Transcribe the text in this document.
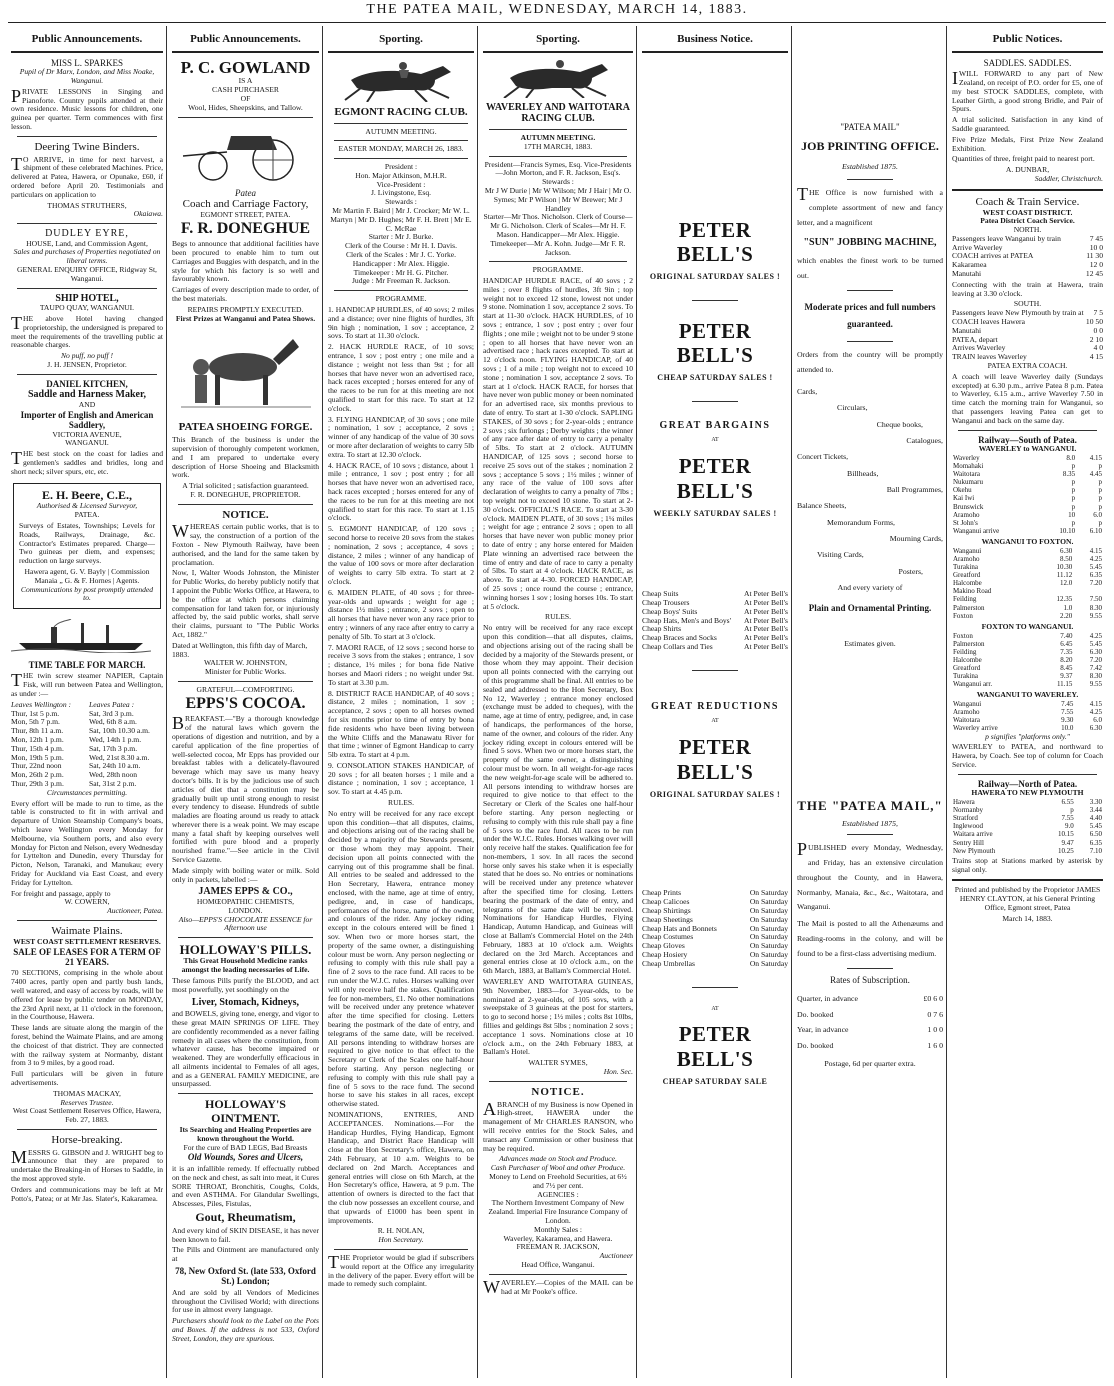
THE PATEA MAIL, WEDNESDAY, MARCH 14, 1883.
Public Announcements.
MISS L. SPARKES
Pupil of Dr Marx, London, and Miss Noake, Wanganui.

PRIVATE LESSONS in Singing and Pianoforte. Country pupils attended at their own residence. Music lessons for children, one guinea per quarter. Term commences with first lesson.

Deering Twine Binders.

TO ARRIVE, in time for next harvest, a shipment of these celebrated Machines. Price, delivered at Patea, Hawera, or Opunake, £60, if ordered before April 20. Testimonials and particulars on application to

THOMAS STRUTHERS,
Okaiawa.
DUDLEY EYRE,
HOUSE, Land, and Commission Agent,
Sales and purchases of Properties negotiated on liberal terms.
GENERAL ENQUIRY OFFICE, Ridgway St, Wanganui.
SHIP HOTEL,
TAUPO QUAY, WANGANUI.

THE above Hotel having changed proprietorship, the undersigned is prepared to meet the requirements of the travelling public at reasonable charges.

No puff, no puff !
J. H. JENSEN, Proprietor.
DANIEL KITCHEN,
Saddle and Harness Maker,
AND
Importer of English and American Saddlery,
VICTORIA AVENUE,
WANGANUI.

THE best stock on the coast for ladies and gentlemen's saddles and bridles, long and short neck; silver spurs, etc, etc.

E. H. Beere, C.E.,
Authorised & Licensed Surveyor,
PATEA.

Surveys of Estates, Townships; Levels for Roads, Railways, Drainage, &c. Contractor's Estimates prepared. Charge—Two guineas per diem, and expenses; reduction on large surveys.

Hawera agent, G. V. Bayly | Commission Manaia „ G. & F. Hornes | Agents.
Communications by post promptly attended to.
TIME TABLE FOR MARCH.

THE twin screw steamer NAPIER, Captain Fisk, will run between Patea and Wellington, as under :—

Leaves Wellington :
Thur, 1st 5 p.m.
Mon, 5th 7 p.m.
Thur, 8th 11 a.m.
Mon, 12th 1 p.m.
Thur, 15th 4 p.m.
Mon, 19th 5 p.m.
Thur, 22nd noon
Mon, 26th 2 p.m.
Thur, 29th 3 p.m.
Leaves Patea :
Sat, 3rd 3 p.m.
Wed, 6th 8 a.m.
Sat, 10th 10.30 a.m.
Wed, 14th 1 p.m.
Sat, 17th 3 p.m.
Wed, 21st 8.30 a.m.
Sat, 24th 10 a.m.
Wed, 28th noon
Sat, 31st 2 p.m.
Circumstances permitting.

Every effort will be made to run to time, as the table is constructed to fit in with arrival and departure of Union Steamship Company's boats, which leave Wellington every Monday for Melbourne, via Southern ports, and also every Monday for Picton and Nelson, every Wednesday for Lyttelton and Dunedin, every Thursday for Picton, Nelson, Taranaki, and Manukau; every Friday for Auckland via East Coast, and every Friday for Lyttelton.

For freight and passage, apply to
W. COWERN,
Auctioneer, Patea.
Waimate Plains.
WEST COAST SETTLEMENT RESERVES.
SALE OF LEASES FOR A TERM OF 21 YEARS.

70 SECTIONS, comprising in the whole about 7400 acres, partly open and partly bush lands, well watered, and easy of access by roads, will be offered for lease by public tender on MONDAY, the 23rd April next, at 11 o'clock in the forenoon, in the Courthouse, Hawera.

These lands are situate along the margin of the forest, behind the Waimate Plains, and are among the choicest of that district. They are connected with the railway system at Normanby, distant from 3 to 9 miles, by a good road.

Full particulars will be given in future advertisements.

THOMAS MACKAY,
Reserves Trustee.
West Coast Settlement Reserves Office, Hawera, Feb. 27, 1883.
Horse-breaking.

MESSRS G. GIBSON and J. WRIGHT beg to announce that they are prepared to undertake the Breaking-in of Horses to Saddle, in the most approved style.

Orders and communications may be left at Mr Potto's, Patea; or at Mr Jas. Slater's, Kakaramea.

Public Announcements.
P. C. GOWLAND
IS A
CASH PURCHASER
OF
Wool, Hides, Sheepskins, and Tallow.
Patea
Coach and Carriage Factory,
EGMONT STREET, PATEA.
F. R. DONEGHUE

Begs to announce that additional facilities have been procured to enable him to turn out Carriages and Buggies with despatch, and in the style for which his factory is so well and favourably known.

Carriages of every description made to order, of the best materials.

REPAIRS PROMPTLY EXECUTED.
First Prizes at Wanganui and Patea Shows.
PATEA SHOEING FORGE.

This Branch of the business is under the supervision of thoroughly competent workmen, and I am prepared to undertake every description of Horse Shoeing and Blacksmith work.

A Trial solicited ; satisfaction guaranteed.
F. R. DONEGHUE, PROPRIETOR.
NOTICE.

WHEREAS certain public works, that is to say, the construction of a portion of the Foxton - New Plymouth Railway, have been authorised, and the land for the same taken by proclamation.

Now, I, Walter Woods Johnston, the Minister for Public Works, do hereby publicly notify that I appoint the Public Works Office, at Hawera, to be the office at which persons claiming compensation for land taken for, or injuriously affected by, the said public works, shall serve their claims, pursuant to "The Public Works Act, 1882."

Dated at Wellington, this fifth day of March, 1883.
WALTER W. JOHNSTON,
Minister for Public Works.
GRATEFUL—COMFORTING.
EPPS'S COCOA.

BREAKFAST.—"By a thorough knowledge of the natural laws which govern the operations of digestion and nutrition, and by a careful application of the fine properties of well-selected cocoa, Mr Epps has provided our breakfast tables with a delicately-flavoured beverage which may save us many heavy doctor's bills. It is by the judicious use of such articles of diet that a constitution may be gradually built up until strong enough to resist every tendency to disease. Hundreds of subtle maladies are floating around us ready to attack wherever there is a weak point. We may escape many a fatal shaft by keeping ourselves well fortified with pure blood and a properly nourished frame."—See article in the Civil Service Gazette.

Made simply with boiling water or milk. Sold only in packets, labelled :—

JAMES EPPS & CO.,
HOMŒOPATHIC CHEMISTS,
LONDON.
Also—EPPS'S CHOCOLATE ESSENCE for Afternoon use
HOLLOWAY'S PILLS.
This Great Household Medicine ranks amongst the leading necessaries of Life.

These famous Pills purify the BLOOD, and act most powerfully, yet soothingly on the

Liver, Stomach, Kidneys,

and BOWELS, giving tone, energy, and vigor to these great MAIN SPRINGS OF LIFE. They are confidently recommended as a never failing remedy in all cases where the constitution, from whatever cause, has become impaired or weakened. They are wonderfully efficacious in all ailments incidental to Females of all ages, and as a GENERAL FAMILY MEDICINE, are unsurpassed.

HOLLOWAY'S OINTMENT.
Its Searching and Healing Properties are known throughout the World.
For the cure of BAD LEGS, Bad Breasts
Old Wounds, Sores and Ulcers,

it is an infallible remedy. If effectually rubbed on the neck and chest, as salt into meat, it Cures SORE THROAT, Bronchitis, Coughs, Colds, and even ASTHMA. For Glandular Swellings, Abscesses, Piles, Fistulas,

Gout, Rheumatism,

And every kind of SKIN DISEASE, it has never been known to fail.

The Pills and Ointment are manufactured only at

78, New Oxford St. (late 533, Oxford St.) London;

And are sold by all Vendors of Medicines throughout the Civilised World; with directions for use in almost every language.

Purchasers should look to the Label on the Pots and Boxes. If the address is not 533, Oxford Street, London, they are spurious.

Sporting.
EGMONT RACING CLUB.
AUTUMN MEETING.
EASTER MONDAY, MARCH 26, 1883.
President :
Hon. Major Atkinson, M.H.R.
Vice-President :
J. Livingstone, Esq.
Stewards :
Mr Martin F. Baird | Mr J. Crocker; Mr W. L. Martyn | Mr D. Hughes; Mr F. H. Brett | Mr E. C. McRae
Starter : Mr J. Burke.
Clerk of the Course : Mr H. I. Davis.
Clerk of the Scales : Mr J. C. Yorke.
Handicapper : Mr Alex. Higgie.
Timekeeper : Mr H. G. Pitcher.
Judge : Mr Freeman R. Jackson.
PROGRAMME.

1. HANDICAP HURDLES, of 40 sovs; 2 miles and a distance; over nine flights of hurdles, 3ft 9in high ; nomination, 1 sov ; acceptance, 2 sovs. To start at 11.30 o'clock.

2. HACK HURDLE RACE, of 10 sovs; entrance, 1 sov ; post entry ; one mile and a distance ; weight not less than 9st ; for all horses that have never won an advertised race, hack races excepted ; horses entered for any of the races to be run for at this meeting are not qualified to start for this race. To start at 12 o'clock.

3. FLYING HANDICAP, of 30 sovs ; one mile ; nomination, 1 sov ; acceptance, 2 sovs ; winner of any handicap of the value of 30 sovs or more after declaration of weights to carry 5lb extra. To start at 12.30 o'clock.

4. HACK RACE, of 10 sovs ; distance, about 1 mile ; entrance, 1 sov ; post entry ; for all horses that have never won an advertised race, hack races excepted ; horses entered for any of the races to be run for at this meeting are not qualified to start for this race. To start at 1.15 o'clock.

5. EGMONT HANDICAP, of 120 sovs ; second horse to receive 20 sovs from the stakes ; nomination, 2 sovs ; acceptance, 4 sovs ; distance, 2 miles ; winner of any handicap of the value of 100 sovs or more after declaration of weights to carry 5lb extra. To start at 2 o'clock.

6. MAIDEN PLATE, of 40 sovs ; for three-year-olds and upwards ; weight for age ; distance 1½ miles ; entrance, 2 sovs ; open to all horses that have never won any race prior to entry ; winners of any race after entry to carry a penalty of 5lb. To start at 3 o'clock.

7. MAORI RACE, of 12 sovs ; second horse to receive 3 sovs from the stakes ; entrance, 1 sov ; distance, 1½ miles ; for bona fide Native horses and Maori riders ; no weight under 9st. To start at 3.30 p.m.

8. DISTRICT RACE HANDICAP, of 40 sovs ; distance, 2 miles ; nomination, 1 sov ; acceptance, 2 sovs ; open to all horses owned for six months prior to time of entry by bona fide residents who have been living between the White Cliffs and the Manawatu River for that time ; winner of Egmont Handicap to carry 5lb extra. To start at 4 p.m.

9. CONSOLATION STAKES HANDICAP, of 20 sovs ; for all beaten horses ; 1 mile and a distance ; nomination, 1 sov ; acceptance, 1 sov. To start at 4.45 p.m.

RULES.

No entry will be received for any race except upon this condition—that all disputes, claims, and objections arising out of the racing shall be decided by a majority of the Stewards present, or those whom they may appoint. Their decision upon all points connected with the carrying out of this programme shall be final. All entries to be sealed and addressed to the Hon Secretary, Hawera, entrance money enclosed, with the name, age at time of entry, pedigree, and, in case of handicaps, performances of the horse, name of the owner, and colours of the rider. Any jockey riding except in the colours entered will be fined 1 sov. When two or more horses start, the property of the same owner, a distinguishing colour must be worn. Any person neglecting or refusing to comply with this rule shall pay a fine of 2 sovs to the race fund. All races to be run under the W.J.C. rules. Horses walking over will only receive half the stakes. Qualification fee for non-members, £1. No other nominations will be received under any pretence whatever after the time specified for closing. Letters bearing the postmark of the date of entry, and telegrams of the same date, will be received. All persons intending to withdraw horses are required to give notice to that effect to the Secretary or Clerk of the Scales one half-hour before starting. Any person neglecting or refusing to comply with this rule shall pay a fine of 5 sovs to the race fund. The second horse to save his stakes in all races, except otherwise stated.

NOMINATIONS, ENTRIES, AND ACCEPTANCES. Nominations.—For the Handicap Hurdles, Flying Handicap, Egmont Handicap, and District Race Handicap will close at the Hon Secretary's office, Hawera, on 24th February, at 10 a.m. Weights to be declared on 2nd March. Acceptances and general entries will close on 6th March, at the Hon Secretary's office, Hawera, at 9 p.m. The attention of owners is directed to the fact that the club now possesses an excellent course, and that upwards of £1000 has been spent in improvements.

R. H. NOLAN,
Hon Secretary.

THE Proprietor would be glad if subscribers would report at the Office any irregularity in the delivery of the paper. Every effort will be made to remedy such complaint.

Sporting.
WAVERLEY AND WAITOTARA RACING CLUB.
AUTUMN MEETING.
17TH MARCH, 1883.
President—Francis Symes, Esq. Vice-Presidents—John Morton, and F. R. Jackson, Esq's.
Stewards :
Mr J W Durie | Mr W Wilson; Mr J Hair | Mr O. Symes; Mr P Wilson | Mr W Brewer; Mr J Handley
Starter—Mr Thos. Nicholson. Clerk of Course—Mr G. Nicholson. Clerk of Scales—Mr H. F. Mason. Handicapper—Mr Alex. Higgie. Timekeeper—Mr A. Kohn. Judge—Mr F. R. Jackson.
PROGRAMME.

HANDICAP HURDLE RACE, of 40 sovs ; 2 miles ; over 8 flights of hurdles, 3ft 9in ; top weight not to exceed 12 stone, lowest not under 9 stone. Nomination 1 sov, acceptance 2 sovs. To start at 11-30 o'clock. HACK HURDLES, of 10 sovs ; entrance, 1 sov ; post entry ; over four flights ; one mile ; weight not to be under 9 stone ; open to all horses that have never won an advertised race ; hack races excepted. To start at 12 o'clock noon. FLYING HANDICAP, of 40 sovs ; 1 of a mile ; top weight not to exceed 10 stone ; nomination 1 sov, acceptance 2 sovs. To start at 1 o'clock. HACK RACE, for horses that have never won public money or been nominated for an advertised race, six months previous to date of entry. To start at 1-30 o'clock. SAPLING STAKES, of 30 sovs ; for 2-year-olds ; entrance 2 sovs ; six furlongs ; Derby weights ; the winner of any race after date of entry to carry a penalty of 5lbs. To start at 2 o'clock. AUTUMN HANDICAP, of 125 sovs ; second horse to receive 25 sovs out of the stakes ; nomination 2 sovs ; acceptance 5 sovs ; 1½ miles ; winner of any race of the value of 100 sovs after declaration of weights to carry a penalty of 7lbs ; top weight not to exceed 10 stone. To start at 2-30 o'clock. OFFICIAL'S RACE. To start at 3-30 o'clock. MAIDEN PLATE, of 30 sovs ; 1¼ miles ; weight for age ; entrance 2 sovs ; open to all horses that have never won public money prior to date of entry ; any horse entered for Maiden Plate winning an advertised race between the time of entry and date of race to carry a penalty of 5lbs. To start at 4 o'clock. HACK RACE, as above. To start at 4-30. FORCED HANDICAP, of 25 sovs ; once round the course ; entrance, winning horses 1 sov ; losing horses 10s. To start at 5 o'clock.

RULES.

No entry will be received for any race except upon this condition—that all disputes, claims, and objections arising out of the racing shall be decided by a majority of the Stewards present, or those whom they may appoint. Their decision upon all points connected with the carrying out of this programme shall be final. All entries to be sealed and addressed to the Hon Secretary, Box No 12, Waverley ; entrance money enclosed (exchange must be added to cheques), with the name, age at time of entry, pedigree, and, in case of handicaps, the performances of the horse, name of the owner, and colours of the rider. Any jockey riding except in colours entered will be fined 5 sovs. When two or more horses start, the property of the same owner, a distinguishing colour must be worn. In all weight-for-age races the new weight-for-age scale will be adhered to. All persons intending to withdraw horses are required to give notice to that effect to the Secretary or Clerk of the Scales one half-hour before starting. Any person neglecting or refusing to comply with this rule shall pay a fine of 5 sovs to the race fund. All races to be run under the W.J.C. Rules. Horses walking over will only receive half the stakes. Qualification fee for non-members, 1 sov. In all races the second horse only saves his stake when it is especially stated that he does so. No entries or nominations will be received under any pretence whatever after the specified time for closing. Letters bearing the postmark of the date of entry, and telegrams of the same date will be received. Nominations for Handicap Hurdles, Flying Handicap, Autumn Handicap, and Guineas will close at Ballam's Commercial Hotel on the 24th February, 1883 at 10 o'clock a.m. Weights declared on the 3rd March. Acceptances and general entries close at 10 o'clock a.m., on the 6th March, 1883, at Ballam's Commercial Hotel.

WAVERLEY AND WAITOTARA GUINEAS, 9th November, 1883—for 3-year-olds, to be nominated at 2-year-olds, of 105 sovs, with a sweepstake of 3 guineas at the post for starters, to go to second horse ; 1½ miles ; colts 8st 10lbs, fillies and geldings 8st 5lbs ; nomination 2 sovs ; acceptance 1 sovs. Nominations close at 10 o'clock a.m., on the 24th February 1883, at Ballam's Hotel.

WALTER SYMES,
Hon. Sec.
NOTICE.

ABRANCH of my Business is now Opened in High-street, HAWERA under the management of Mr CHARLES RANSON, who will receive entries for the Stock Sales, and transact any Commission or other business that may be required.

Advances made on Stock and Produce.
Cash Purchaser of Wool and other Produce.
Money to Lend on Freehold Securities, at 6½ and 7½ per cent.
AGENCIES :
The Northern Investment Company of New Zealand. Imperial Fire Insurance Company of London.
Monthly Sales :
Waverley, Kakaramea, and Hawera.
FREEMAN R. JACKSON,
Auctioneer
Head Office, Wanganui.

WAVERLEY.—Copies of the MAIL can be had at Mr Pooke's office.

Business Notice.
PETER BELL'S
ORIGINAL SATURDAY SALES !
PETER BELL'S
CHEAP SATURDAY SALES !
GREAT BARGAINS
AT
PETER BELL'S
WEEKLY SATURDAY SALES !
Cheap Suits	At Peter Bell's
Cheap Trousers	At Peter Bell's
Cheap Boys' Suits	At Peter Bell's
Cheap Hats, Men's and Boys' At Peter Bell's
Cheap Shirts	At Peter Bell's
Cheap Braces and Socks	At Peter Bell's
Cheap Collars and Ties	At Peter Bell's
GREAT REDUCTIONS
AT
PETER BELL'S
ORIGINAL SATURDAY SALES !
Cheap Prints	On Saturday
Cheap Calicoes	On Saturday
Cheap Shirtings	On Saturday
Cheap Sheetings	On Saturday
Cheap Hats and Bonnets	On Saturday
Cheap Costumes	On Saturday
Cheap Gloves	On Saturday
Cheap Hosiery	On Saturday
Cheap Umbrellas	On Saturday
AT
PETER BELL'S
CHEAP SATURDAY SALE
"PATEA MAIL"
JOB PRINTING OFFICE.
Established 1875.

THE Office is now furnished with a complete assortment of new and fancy letter, and a magnificent

"SUN" JOBBING MACHINE,

which enables the finest work to be turned out.

Moderate prices and full numbers guaranteed.

Orders from the country will be promptly attended to.

Cards,
Circulars,
Cheque books,
Catalogues,
Concert Tickets,
Billheads,
Ball Programmes,
Balance Sheets,
Memorandum Forms,
Mourning Cards,
Visiting Cards,
Posters,
And every variety of
Plain and Ornamental Printing.
Estimates given.
THE "PATEA MAIL,"
Established 1875,

PUBLISHED every Monday, Wednesday, and Friday, has an extensive circulation throughout the County, and in Hawera, Normanby, Manaia, &c., &c., Waitotara, and Wanganui.

The Mail is posted to all the Athenæums and Reading-rooms in the colony, and will be found to be a first-class advertising medium.

Rates of Subscription.
Quarter, in advance	£0 6 0
Do. booked	0 7 6
Year, in advance	1 0 0
Do. booked	1 6 0
Postage, 6d per quarter extra.
Public Notices.
SADDLES. SADDLES.

IWILL FORWARD to any part of New Zealand, on receipt of P.O. order for £5, one of my best STOCK SADDLES, complete, with Leather Girth, a good strong Bridle, and Pair of Spurs.

A trial solicited. Satisfaction in any kind of Saddle guaranteed.

Five Prize Medals, First Prize New Zealand Exhibition.

Quantities of three, freight paid to nearest port.

A. DUNBAR,
Saddler, Christchurch.
Coach & Train Service.
WEST COAST DISTRICT.
Patea District Coach Service.
NORTH.
Passengers leave Wanganui by train	7 45
Arrive Waverley	10 0
COACH arrives at PATEA	11 30
Kakaramea	12 0
Manutahi	12 45

Connecting with the train at Hawera, train leaving at 3.30 o'clock.

SOUTH.
Passengers leave New Plymouth by train at 7 5
COACH leaves Hawera	10 50
Manutahi	0 0
PATEA, depart	2 10
Arrives Waverley	4 0
TRAIN leaves Waverley	4 15
PATEA EXTRA COACH.

A coach will leave Waverley daily (Sundays excepted) at 6.30 p.m., arrive Patea 8 p.m. Patea to Waverley, 6.15 a.m., arrive Waverley 7.50 in time catch the morning train for Wanganui, so that passengers leaving Patea can get to Wanganui and back on the same day.

Railway—South of Patea.
WAVERLEY to WANGANUI.
Waverley	8.0	4.15
Momahaki	p	p
Waitotara	8.35	4.45
Nukumaru	p	p
Okehu	p	p
Kai Iwi	p	p
Brunswick	p	p
Aramoho	10	6.0
St John's	p	p
Wanganui arrive	10.10	6.10
WANGANUI TO FOXTON.
Wanganui	6.30	4.15
Aramoho	8.50	4.25
Turakina	10.30	5.45
Greatford	11.12	6.35
Halcombe	12.0	7.20
Makino Road		
Feilding	12.35	7.50
Palmerston	1.0	8.30
Foxton	2.20	9.55
FOXTON TO WANGANUI.
Foxton	7.40	4.25
Palmerston	6.45	5.45
Feilding	7.35	6.30
Halcombe	8.20	7.20
Greatford	8.45	7.42
Turakina	9.37	8.30
Wanganui arr.	11.15	9.55
WANGANUI TO WAVERLEY.
Wanganui	7.45	4.15
Aramoho	7.55	4.25
Waitotara	9.30	6.0
Waverley arrive	10.0	6.30
p signifies "platforms only."

WAVERLEY to PATEA, and northward to Hawera, by Coach. See top of column for Coach Service.

Railway—North of Patea.
HAWERA TO NEW PLYMOUTH
Hawera	6.55	3.30
Normanby	p	3.44
Stratford	7.55	4.40
Inglewood	9.0	5.45
Waitara arrive	10.15	6.50
Sentry Hill	9.47	6.35
New Plymouth	10.25	7.10

Trains stop at Stations marked by asterisk by signal only.

Printed and published by the Proprietor JAMES HENRY CLAYTON, at his General Printing Office, Egmont street, Patea

March 14, 1883.
